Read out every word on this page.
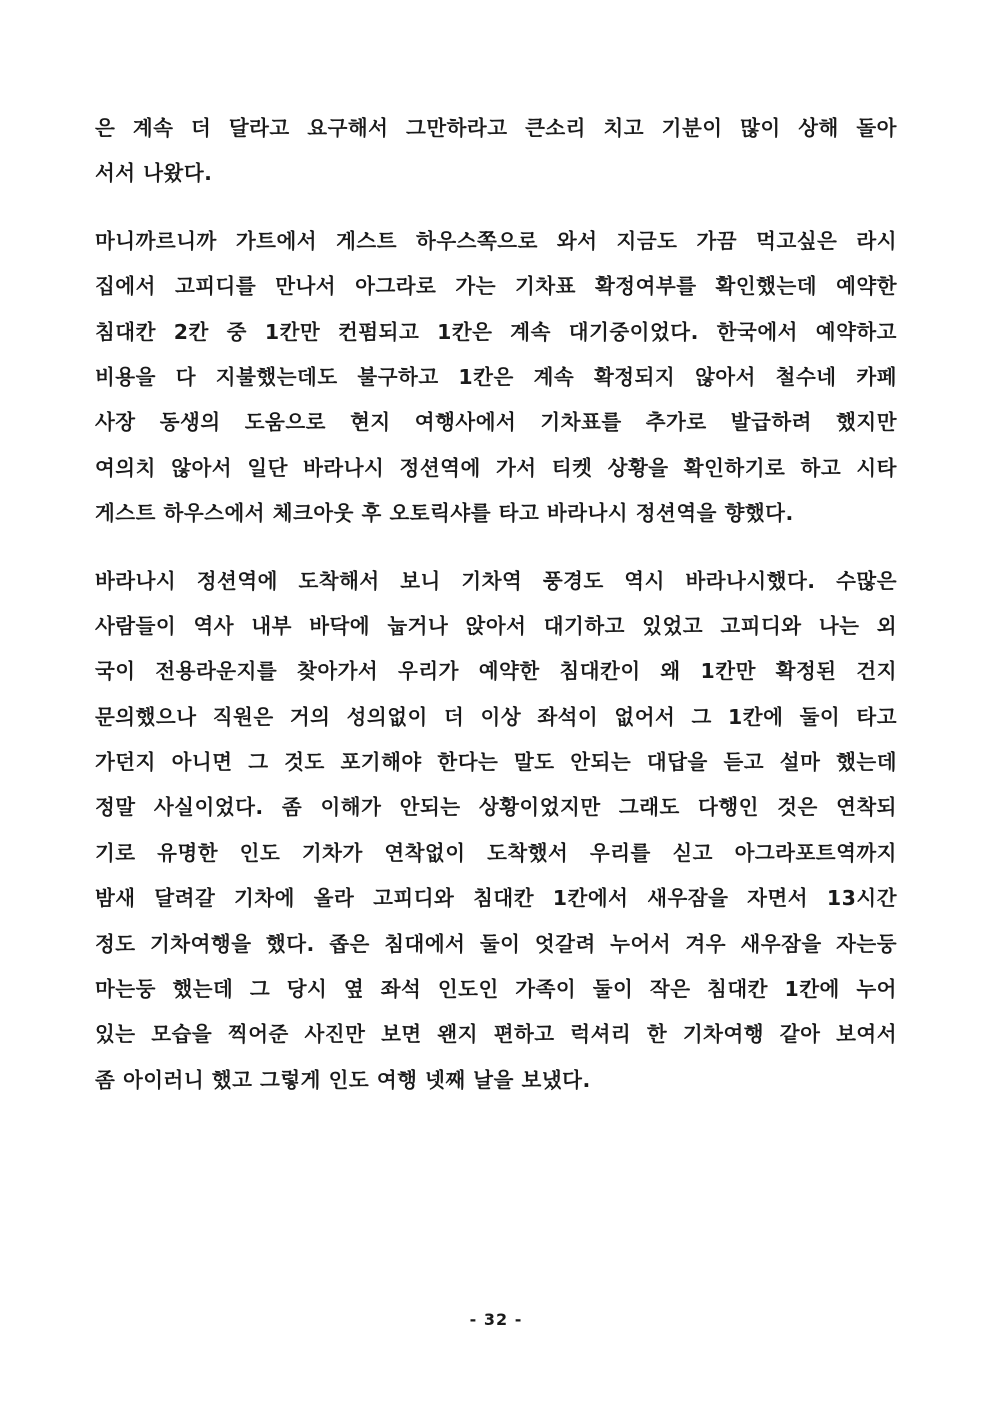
은 계속 더 달라고 요구해서 그만하라고 큰소리 치고 기분이 많이 상해 돌아
서서 나왔다.
마니까르니까 가트에서 게스트 하우스쪽으로 와서 지금도 가끔 먹고싶은 라시
집에서 고피디를 만나서 아그라로 가는 기차표 확정여부를 확인했는데 예약한
침대칸 2칸 중 1칸만 컨펌되고 1칸은 계속 대기중이었다. 한국에서 예약하고
비용을 다 지불했는데도 불구하고 1칸은 계속 확정되지 않아서 철수네 카페
사장 동생의 도움으로 현지 여행사에서 기차표를 추가로 발급하려 했지만
여의치 않아서 일단 바라나시 정션역에 가서 티켓 상황을 확인하기로 하고 시타
게스트 하우스에서 체크아웃 후 오토릭샤를 타고 바라나시 정션역을 향했다.
바라나시 정션역에 도착해서 보니 기차역 풍경도 역시 바라나시했다. 수많은
사람들이 역사 내부 바닥에 눕거나 앉아서 대기하고 있었고 고피디와 나는 외
국이 전용라운지를 찾아가서 우리가 예약한 침대칸이 왜 1칸만 확정된 건지
문의했으나 직원은 거의 성의없이 더 이상 좌석이 없어서 그 1칸에 둘이 타고
가던지 아니면 그 것도 포기해야 한다는 말도 안되는 대답을 듣고 설마 했는데
정말 사실이었다. 좀 이해가 안되는 상황이었지만 그래도 다행인 것은 연착되
기로 유명한 인도 기차가 연착없이 도착했서 우리를 싣고 아그라포트역까지
밤새 달려갈 기차에 올라 고피디와 침대칸 1칸에서 새우잠을 자면서 13시간
정도 기차여행을 했다. 좁은 침대에서 둘이 엇갈려 누어서 겨우 새우잠을 자는둥
마는둥 했는데 그 당시 옆 좌석 인도인 가족이 둘이 작은 침대칸 1칸에 누어
있는 모습을 찍어준 사진만 보면 왠지 편하고 럭셔리 한 기차여행 같아 보여서
좀 아이러니 했고 그렇게 인도 여행 넷째 날을 보냈다.
- 32 -
